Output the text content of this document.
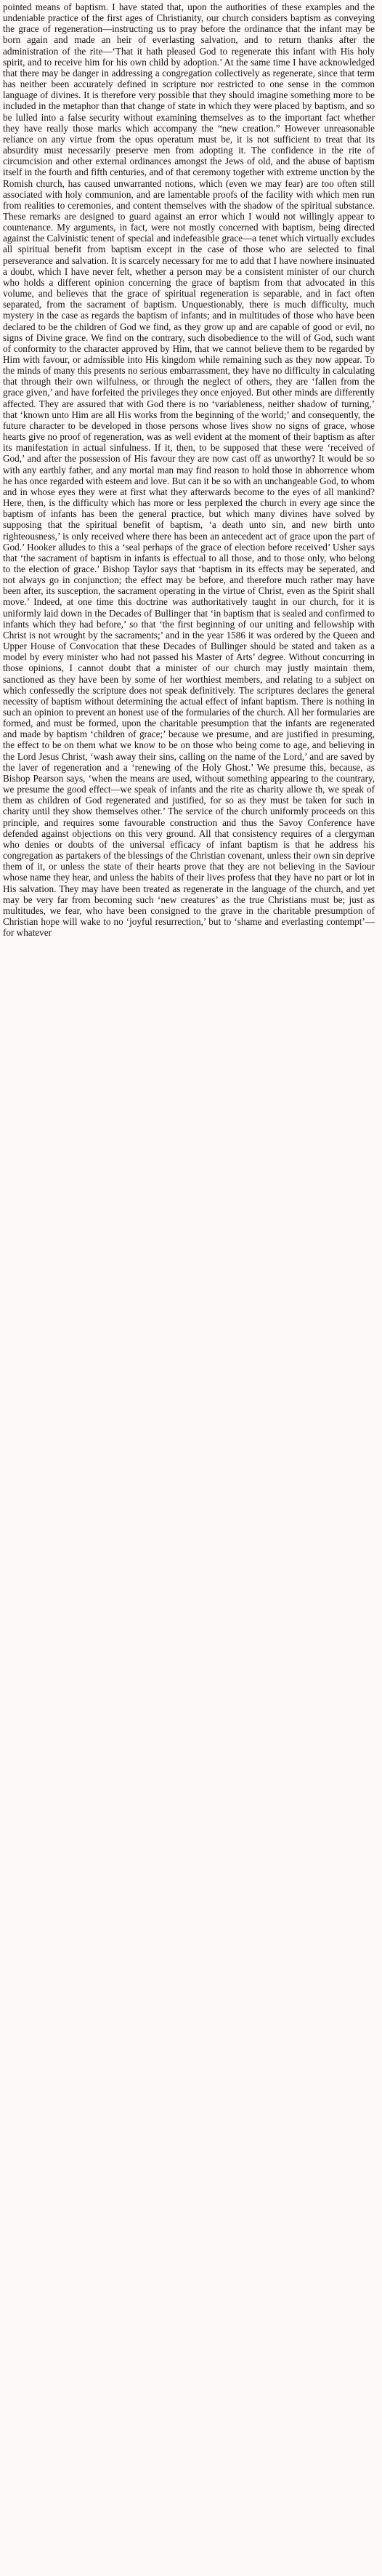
pointed means of baptism. I have stated that, upon the authorities of these examples and the undeniable practice of the first ages of Christianity, our church considers baptism as conveying the grace of regeneration—instructing us to pray before the ordinance that the infant may be born again and made an heir of everlasting salvation, and to return thanks after the administration of the rite—‘That it hath pleased God to regenerate this infant with His holy spirit, and to receive him for his own child by adoption.’ At the same time I have acknowledged that there may be danger in addressing a congregation collectively as regenerate, since that term has neither been accurately defined in scripture nor restricted to one sense in the common language of divines. It is therefore very possible that they should imagine something more to be included in the metaphor than that change of state in which they were placed by baptism, and so be lulled into a false security without examining themselves as to the important fact whether they have really those marks which accompany the “new creation.” However unreasonable reliance on any virtue from the opus operatum must be, it is not sufficient to treat that its absurdity must necessarily preserve men from adopting it. The confidence in the rite of circumcision and other external ordinances amongst the Jews of old, and the abuse of baptism itself in the fourth and fifth centuries, and of that ceremony together with extreme unction by the Romish church, has caused unwarranted notions, which (even we may fear) are too often still associated with holy communion, and are lamentable proofs of the facility with which men run from realities to ceremonies, and content themselves with the shadow of the spiritual substance. These remarks are designed to guard against an error which I would not willingly appear to countenance. My arguments, in fact, were not mostly concerned with baptism, being directed against the Calvinistic tenent of special and indefeasible grace—a tenet which virtually excludes all spiritual benefit from baptism except in the case of those who are selected to final perseverance and salvation. It is scarcely necessary for me to add that I have nowhere insinuated a doubt, which I have never felt, whether a person may be a consistent minister of our church who holds a different opinion concerning the grace of baptism from that advocated in this volume, and believes that the grace of spiritual regeneration is separable, and in fact often separated, from the sacrament of baptism. Unquestionably, there is much difficulty, much mystery in the case as regards the baptism of infants; and in multitudes of those who have been declared to be the children of God we find, as they grow up and are capable of good or evil, no signs of Divine grace. We find on the contrary, such disobedience to the will of God, such want of conformity to the character approved by Him, that we cannot believe them to be regarded by Him with favour, or admissible into His kingdom while remaining such as they now appear. To the minds of many this presents no serious embarrassment, they have no difficulty in calculating that through their own wilfulness, or through the neglect of others, they are ‘fallen from the grace given,’ and have forfeited the privileges they once enjoyed. But other minds are differently affected. They are assured that with God there is no ‘variableness, neither shadow of turning,’ that ‘known unto Him are all His works from the beginning of the world;’ and consequently, the future character to be developed in those persons whose lives show no signs of grace, whose hearts give no proof of regeneration, was as well evident at the moment of their baptism as after its manifestation in actual sinfulness. If it, then, to be supposed that these were ‘received of God,’ and after the possession of His favour they are now cast off as unworthy? It would be so with any earthly father, and any mortal man may find reason to hold those in abhorrence whom he has once regarded with esteem and love. But can it be so with an unchangeable God, to whom and in whose eyes they were at first what they afterwards become to the eyes of all mankind? Here, then, is the difficulty which has more or less perplexed the church in every age since the baptism of infants has been the general practice, but which many divines have solved by supposing that the spiritual benefit of baptism, ‘a death unto sin, and new birth unto righteousness,’ is only received where there has been an antecedent act of grace upon the part of God.’ Hooker alludes to this a ‘seal perhaps of the grace of election before received’ Usher says that ‘the sacrament of baptism in infants is effectual to all those, and to those only, who belong to the election of grace.’ Bishop Taylor says that ‘baptism in its effects may be seperated, and not always go in conjunction; the effect may be before, and therefore much rather may have been after, its susception, the sacrament operating in the virtue of Christ, even as the Spirit shall move.’ Indeed, at one time this doctrine was authoritatively taught in our church, for it is uniformly laid down in the Decades of Bullinger that ‘in baptism that is sealed and confirmed to infants which they had before,’ so that ‘the first beginning of our uniting and fellowship with Christ is not wrought by the sacraments;’ and in the year 1586 it was ordered by the Queen and Upper House of Convocation that these Decades of Bullinger should be stated and taken as a model by every minister who had not passed his Master of Arts’ degree. Without concurring in those opinions, I cannot doubt that a minister of our church may justly maintain them, sanctioned as they have been by some of her worthiest members, and relating to a subject on which confessedly the scripture does not speak definitively. The scriptures declares the general necessity of baptism without determining the actual effect of infant baptism. There is nothing in such an opinion to prevent an honest use of the formularies of the church. All her formularies are formed, and must be formed, upon the charitable presumption that the infants are regenerated and made by baptism ‘children of grace;’ because we presume, and are justified in presuming, the effect to be on them what we know to be on those who being come to age, and believing in the Lord Jesus Christ, ‘wash away their sins, calling on the name of the Lord,’ and are saved by the laver of regeneration and a ‘renewing of the Holy Ghost.’ We presume this, because, as Bishop Pearson says, ‘when the means are used, without something appearing to the countrary, we presume the good effect—we speak of infants and the rite as charity allowe th, we speak of them as children of God regenerated and justified, for so as they must be taken for such in charity until they show themselves other.’ The service of the church uniformly proceeds on this principle, and requires some favourable construction and thus the Savoy Conference have defended against objections on this very ground. All that consistency requires of a clergyman who denies or doubts of the universal efficacy of infant baptism is that he address his congregation as partakers of the blessings of the Christian covenant, unless their own sin deprive them of it, or unless the state of their hearts prove that they are not believing in the Saviour whose name they hear, and unless the habits of their lives profess that they have no part or lot in His salvation. They may have been treated as regenerate in the language of the church, and yet may be very far from becoming such ‘new creatures’ as the true Christians must be; just as multitudes, we fear, who have been consigned to the grave in the charitable presumption of Christian hope will wake to no ‘joyful resurrection,’ but to ‘shame and everlasting contempt’—for whatever
